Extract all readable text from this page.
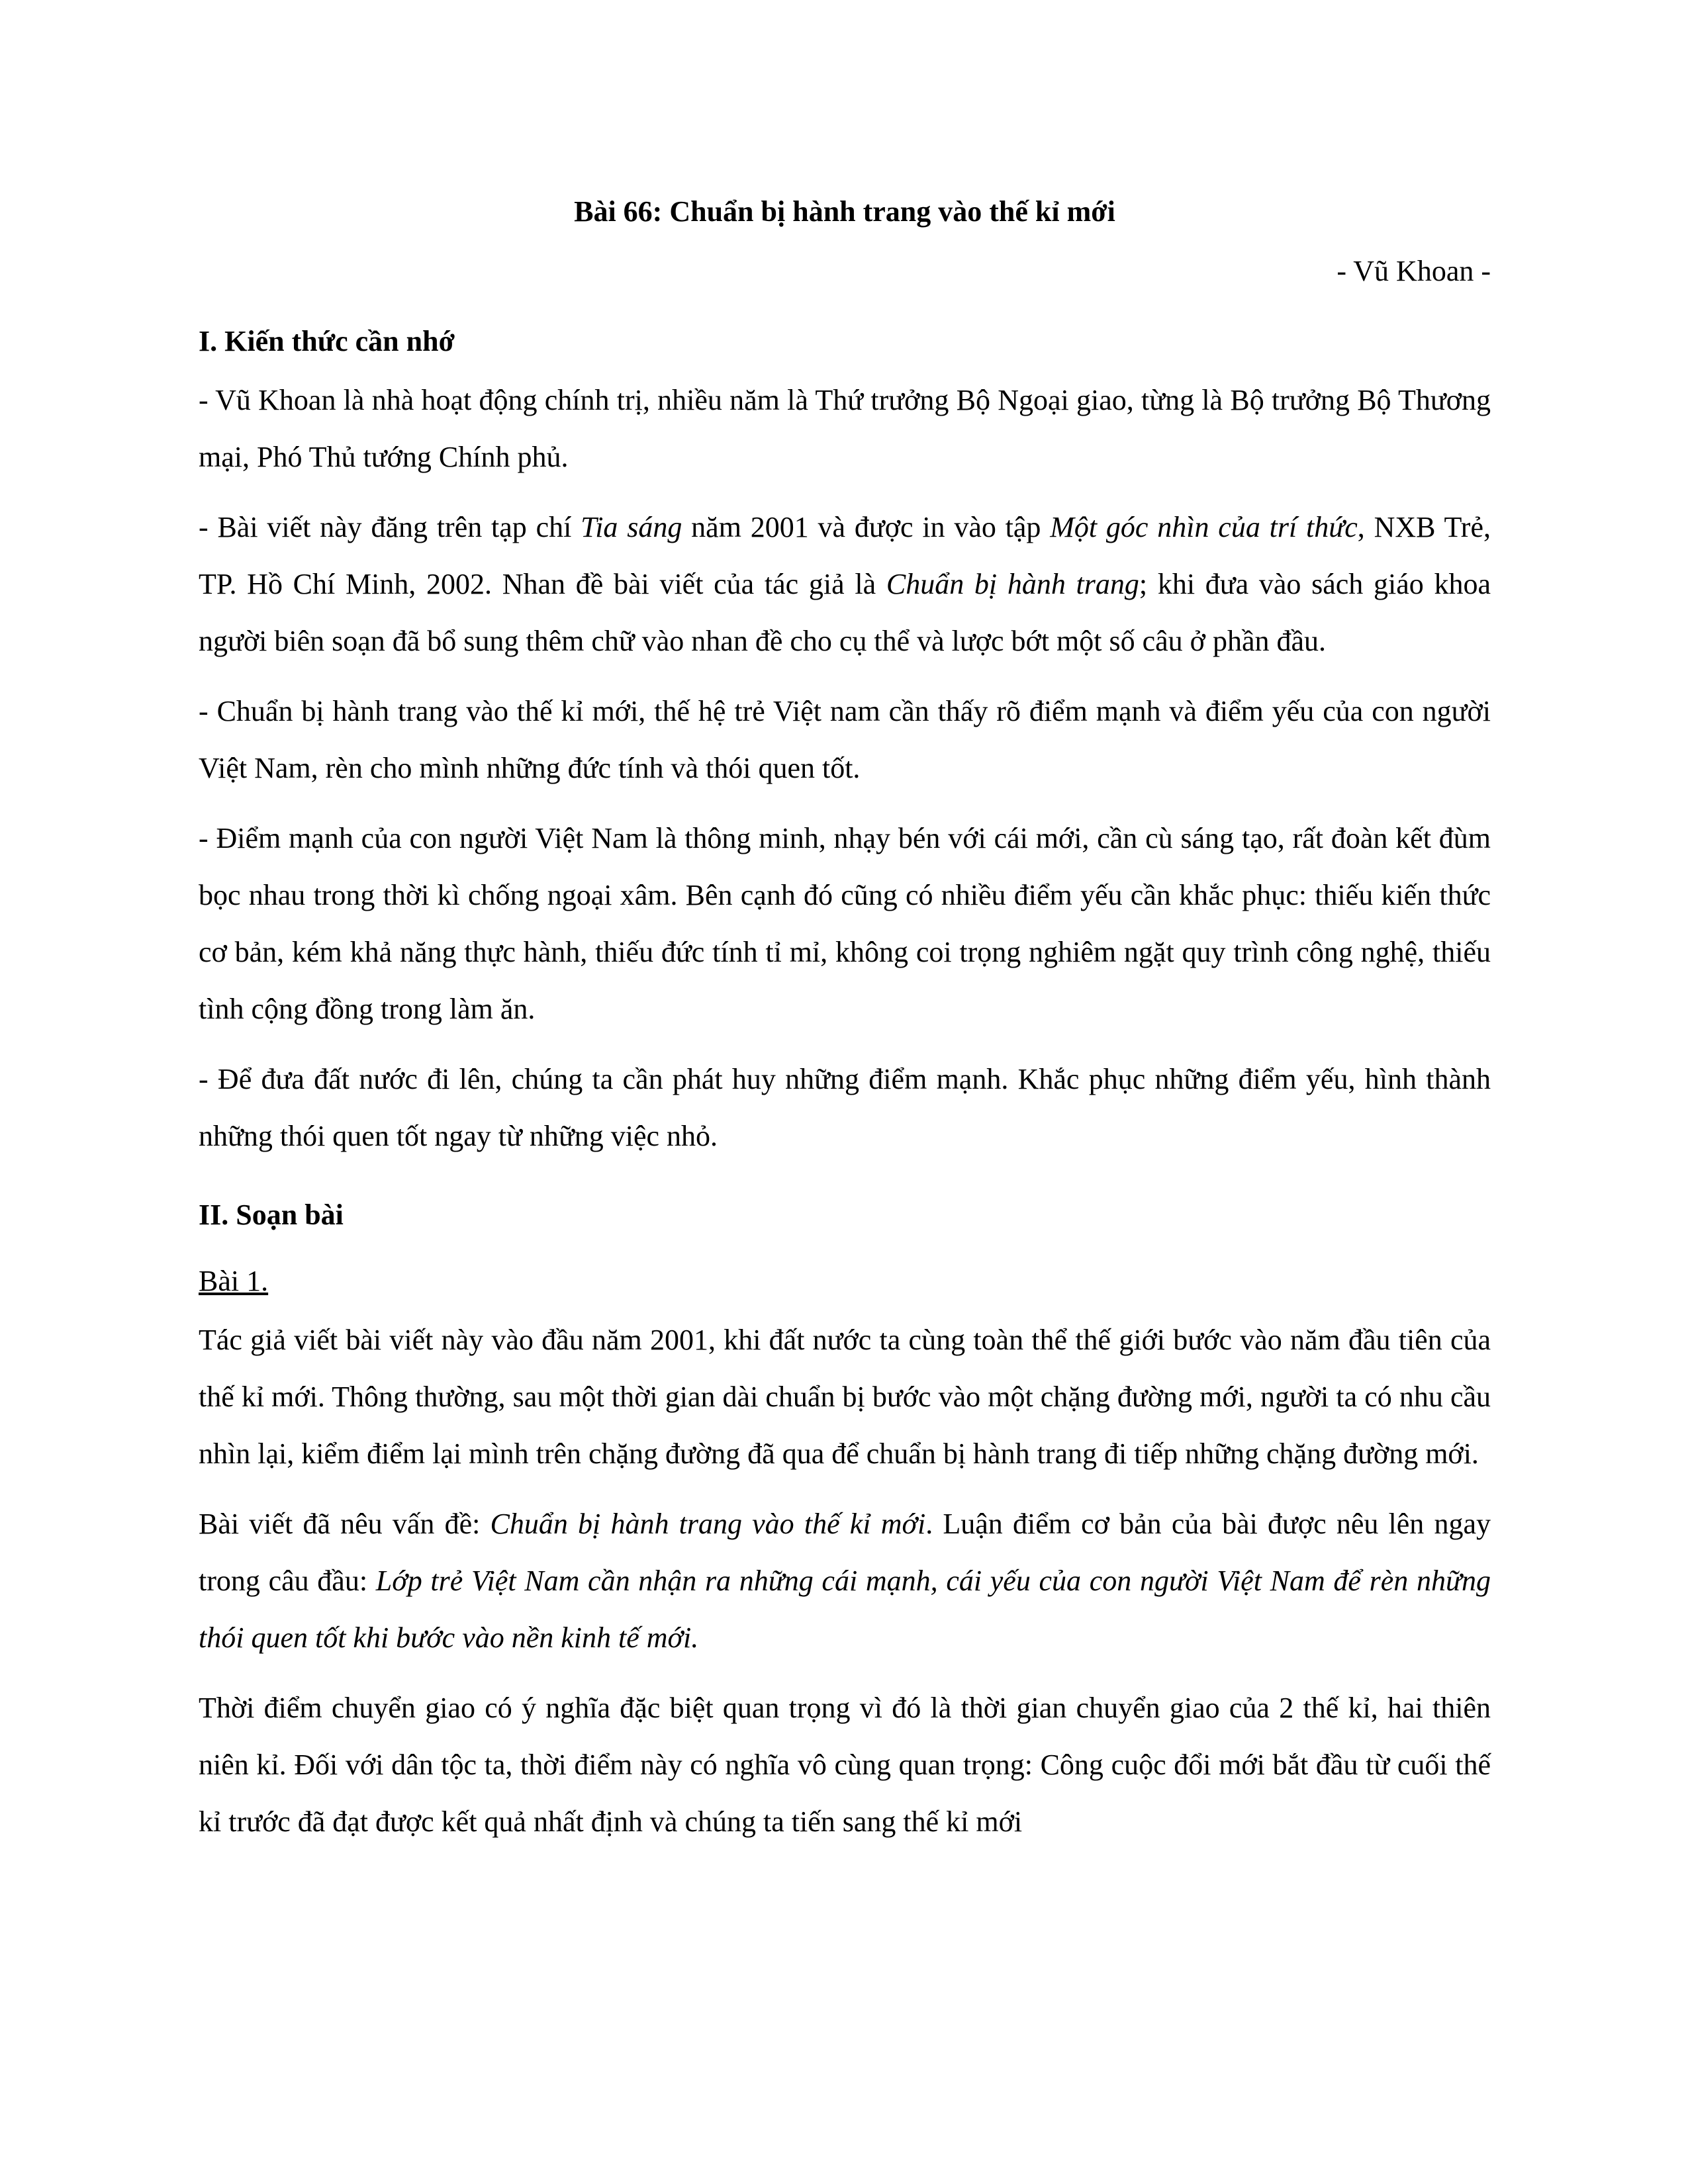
Bài 66: Chuẩn bị hành trang vào thế kỉ mới

- Vũ Khoan -

I. Kiến thức cần nhớ

- Vũ Khoan là nhà hoạt động chính trị, nhiều năm là Thứ trưởng Bộ Ngoại giao, từng là Bộ trưởng Bộ Thương mại, Phó Thủ tướng Chính phủ.

- Bài viết này đăng trên tạp chí Tia sáng năm 2001 và được in vào tập Một góc nhìn của trí thức, NXB Trẻ, TP. Hồ Chí Minh, 2002. Nhan đề bài viết của tác giả là Chuẩn bị hành trang; khi đưa vào sách giáo khoa người biên soạn đã bổ sung thêm chữ vào nhan đề cho cụ thể và lược bớt một số câu ở phần đầu.

- Chuẩn bị hành trang vào thế kỉ mới, thế hệ trẻ Việt nam cần thấy rõ điểm mạnh và điểm yếu của con người Việt Nam, rèn cho mình những đức tính và thói quen tốt.

- Điểm mạnh của con người Việt Nam là thông minh, nhạy bén với cái mới, cần cù sáng tạo, rất đoàn kết đùm bọc nhau trong thời kì chống ngoại xâm. Bên cạnh đó cũng có nhiều điểm yếu cần khắc phục: thiếu kiến thức cơ bản, kém khả năng thực hành, thiếu đức tính tỉ mỉ, không coi trọng nghiêm ngặt quy trình công nghệ, thiếu tình cộng đồng trong làm ăn.

- Để đưa đất nước đi lên, chúng ta cần phát huy những điểm mạnh. Khắc phục những điểm yếu, hình thành những thói quen tốt ngay từ những việc nhỏ.

II. Soạn bài

Bài 1.

Tác giả viết bài viết này vào đầu năm 2001, khi đất nước ta cùng toàn thể thế giới bước vào năm đầu tiên của thế kỉ mới. Thông thường, sau một thời gian dài chuẩn bị bước vào một chặng đường mới, người ta có nhu cầu nhìn lại, kiểm điểm lại mình trên chặng đường đã qua để chuẩn bị hành trang đi tiếp những chặng đường mới.

Bài viết đã nêu vấn đề: Chuẩn bị hành trang vào thế kỉ mới. Luận điểm cơ bản của bài được nêu lên ngay trong câu đầu: Lớp trẻ Việt Nam cần nhận ra những cái mạnh, cái yếu của con người Việt Nam để rèn những thói quen tốt khi bước vào nền kinh tế mới.

Thời điểm chuyển giao có ý nghĩa đặc biệt quan trọng vì đó là thời gian chuyển giao của 2 thế kỉ, hai thiên niên kỉ. Đối với dân tộc ta, thời điểm này có nghĩa vô cùng quan trọng: Công cuộc đổi mới bắt đầu từ cuối thế kỉ trước đã đạt được kết quả nhất định và chúng ta tiến sang thế kỉ mới
